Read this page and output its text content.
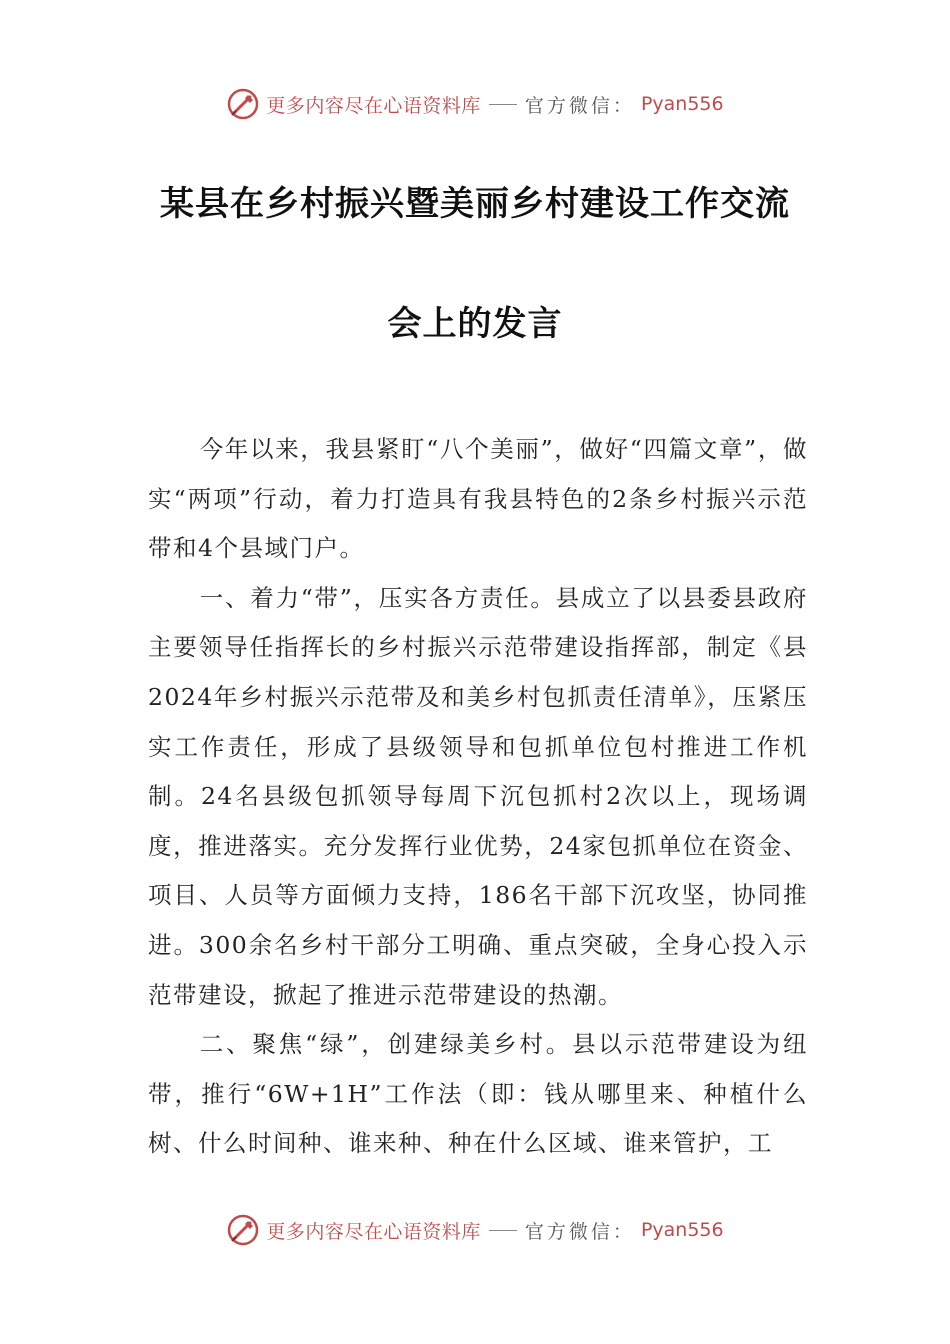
更多内容尽在心语资料库 官方微信： Pyan556
某县在乡村振兴暨美丽乡村建设工作交流
会上的发言

今年以来，我县紧盯“八个美丽”，做好“四篇文章”，做实“两项”行动，着力打造具有我县特色的2条乡村振兴示范带和4个县域门户。

一、着力“带”，压实各方责任。县成立了以县委县政府主要领导任指挥长的乡村振兴示范带建设指挥部，制定《县2024年乡村振兴示范带及和美乡村包抓责任清单》，压紧压实工作责任，形成了县级领导和包抓单位包村推进工作机制。24名县级包抓领导每周下沉包抓村2次以上，现场调度，推进落实。充分发挥行业优势，24家包抓单位在资金、项目、人员等方面倾力支持，186名干部下沉攻坚，协同推进。300余名乡村干部分工明确、重点突破，全身心投入示范带建设，掀起了推进示范带建设的热潮。

二、聚焦“绿”，创建绿美乡村。县以示范带建设为纽带，推行“6W+1H”工作法（即：钱从哪里来、种植什么树、什么时间种、谁来种、种在什么区域、谁来管护，工

更多内容尽在心语资料库 官方微信： Pyan556
